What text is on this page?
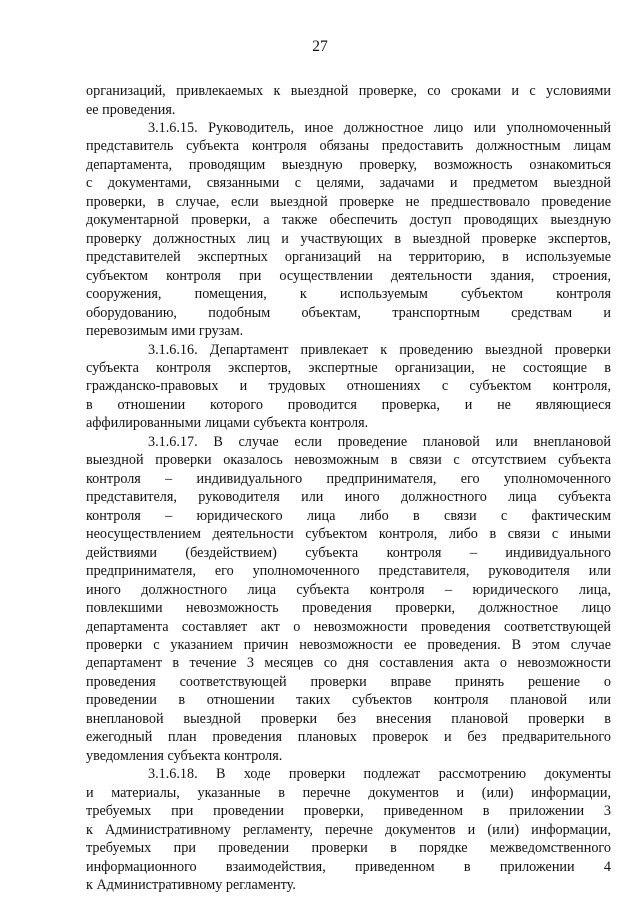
27
организаций, привлекаемых к выездной проверке, со сроками и с условиями
ее проведения.
3.1.6.15. Руководитель, иное должностное лицо или уполномоченный
представитель субъекта контроля обязаны предоставить должностным лицам
департамента, проводящим выездную проверку, возможность ознакомиться
с документами, связанными с целями, задачами и предметом выездной
проверки, в случае, если выездной проверке не предшествовало проведение
документарной проверки, а также обеспечить доступ проводящих выездную
проверку должностных лиц и участвующих в выездной проверке экспертов,
представителей экспертных организаций на территорию, в используемые
субъектом контроля при осуществлении деятельности здания, строения,
сооружения, помещения, к используемым субъектом контроля
оборудованию, подобным объектам, транспортным средствам и
перевозимым ими грузам.
3.1.6.16. Департамент привлекает к проведению выездной проверки
субъекта контроля экспертов, экспертные организации, не состоящие в
гражданско-правовых и трудовых отношениях с субъектом контроля,
в отношении которого проводится проверка, и не являющиеся
аффилированными лицами субъекта контроля.
3.1.6.17. В случае если проведение плановой или внеплановой
выездной проверки оказалось невозможным в связи с отсутствием субъекта
контроля – индивидуального предпринимателя, его уполномоченного
представителя, руководителя или иного должностного лица субъекта
контроля – юридического лица либо в связи с фактическим
неосуществлением деятельности субъектом контроля, либо в связи с иными
действиями (бездействием) субъекта контроля – индивидуального
предпринимателя, его уполномоченного представителя, руководителя или
иного должностного лица субъекта контроля – юридического лица,
повлекшими невозможность проведения проверки, должностное лицо
департамента составляет акт о невозможности проведения соответствующей
проверки с указанием причин невозможности ее проведения. В этом случае
департамент в течение 3 месяцев со дня составления акта о невозможности
проведения соответствующей проверки вправе принять решение о
проведении в отношении таких субъектов контроля плановой или
внеплановой выездной проверки без внесения плановой проверки в
ежегодный план проведения плановых проверок и без предварительного
уведомления субъекта контроля.
3.1.6.18. В ходе проверки подлежат рассмотрению документы
и материалы, указанные в перечне документов и (или) информации,
требуемых при проведении проверки, приведенном в приложении 3
к Административному регламенту, перечне документов и (или) информации,
требуемых при проведении проверки в порядке межведомственного
информационного взаимодействия, приведенном в приложении 4
к Административному регламенту.
